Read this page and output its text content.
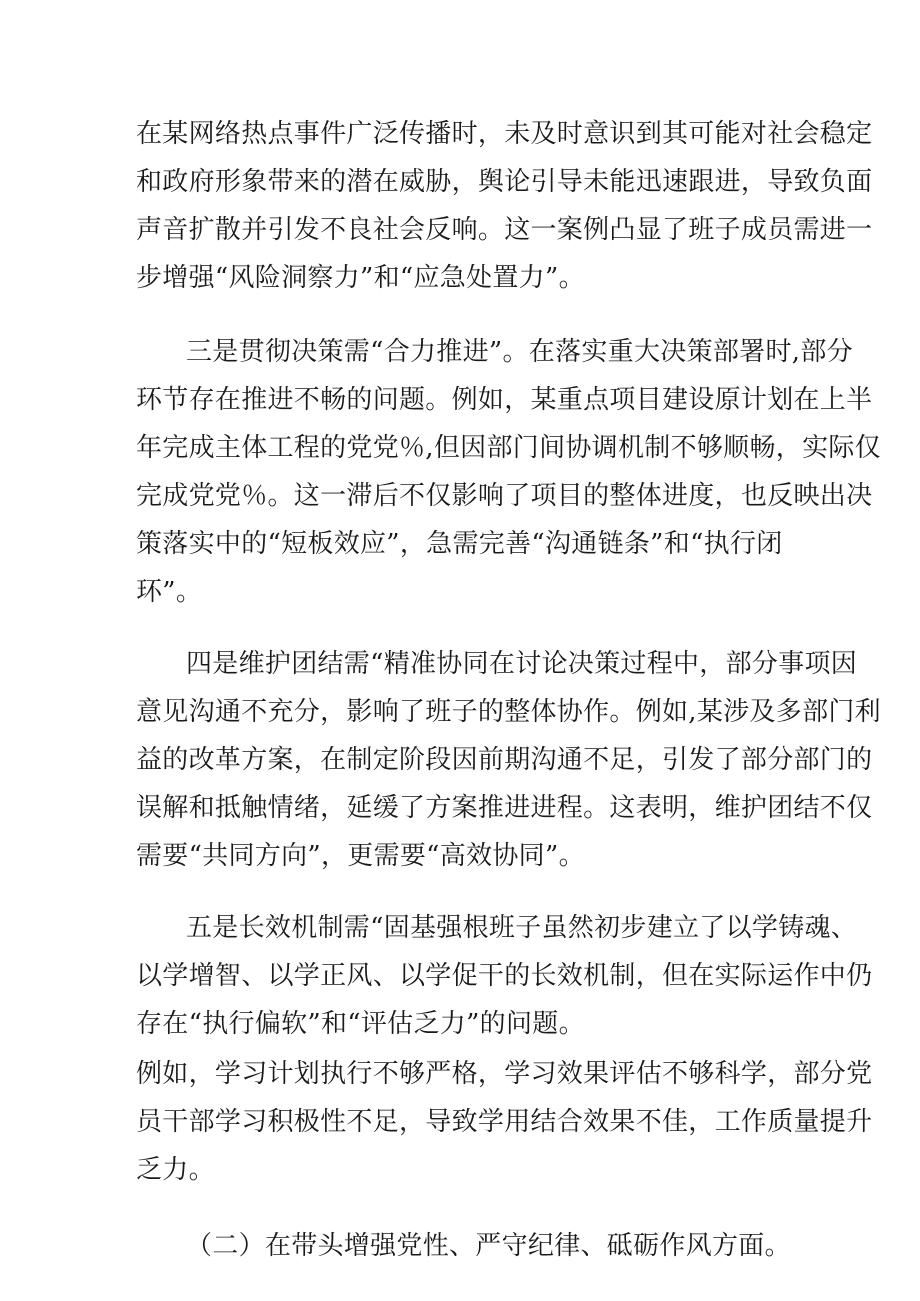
在某网络热点事件广泛传播时，未及时意识到其可能对社会稳定

和政府形象带来的潜在威胁，舆论引导未能迅速跟进，导致负面

声音扩散并引发不良社会反响。这一案例凸显了班子成员需进一

步增强“风险洞察力”和“应急处置力”。

三是贯彻决策需“合力推进”。在落实重大决策部署时,部分

环节存在推进不畅的问题。例如，某重点项目建设原计划在上半

年完成主体工程的党党％,但因部门间协调机制不够顺畅，实际仅

完成党党％。这一滞后不仅影响了项目的整体进度，也反映出决

策落实中的“短板效应”，急需完善“沟通链条”和“执行闭

环”。

四是维护团结需“精准协同在讨论决策过程中，部分事项因

意见沟通不充分，影响了班子的整体协作。例如,某涉及多部门利

益的改革方案，在制定阶段因前期沟通不足，引发了部分部门的

误解和抵触情绪，延缓了方案推进进程。这表明，维护团结不仅

需要“共同方向”，更需要“高效协同”。

五是长效机制需“固基强根班子虽然初步建立了以学铸魂、

以学增智、以学正风、以学促干的长效机制，但在实际运作中仍

存在“执行偏软”和“评估乏力”的问题。

例如，学习计划执行不够严格，学习效果评估不够科学，部分党

员干部学习积极性不足，导致学用结合效果不佳，工作质量提升

乏力。

（二）在带头增强党性、严守纪律、砥砺作风方面。
